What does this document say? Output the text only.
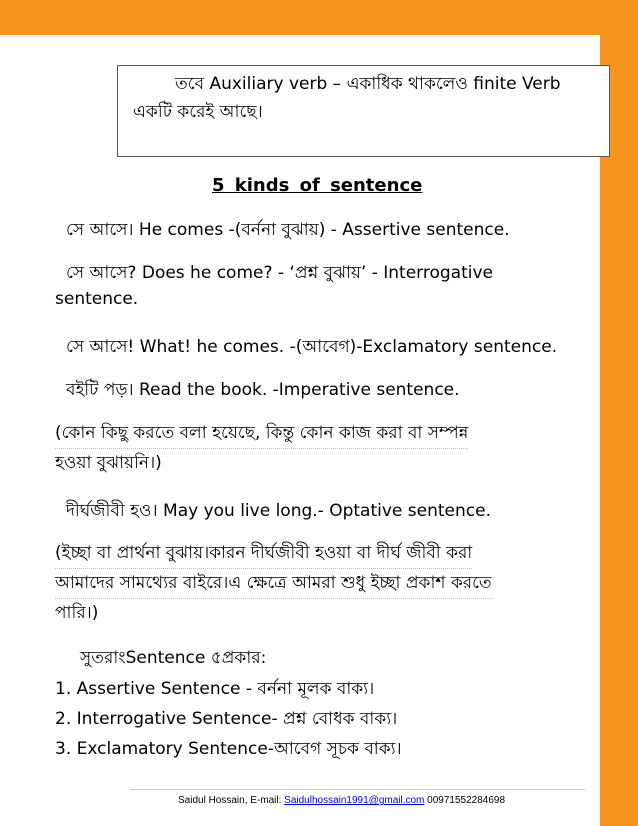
তবে Auxiliary verb – একাধিক থাকলেও finite Verb
একটি করেই আছে।
5 kinds of sentence
সে আসে। He comes -(বর্ননা বুঝায়) - Assertive sentence.
সে আসে? Does he come? - ‘প্রশ্ন বুঝায়’ - Interrogative
sentence.
সে আসে! What! he comes. -(আবেগ)-Exclamatory sentence.
বইটি পড়। Read the book. -Imperative sentence.
(কোন কিছু করতে বলা হয়েছে, কিন্তু কোন কাজ করা বা সম্পন্ন
হওয়া বুঝায়নি।)
দীর্ঘজীবী হও। May you live long.- Optative sentence.
(ইচ্ছা বা প্রার্থনা বুঝায়।কারন দীর্ঘজীবী হওয়া বা দীর্ঘ জীবী করা
আমাদের সামথ্যের বাইরে।এ ক্ষেত্রে আমরা শুধু ইচ্ছা প্রকাশ করতে
পারি।)
সুতরাংSentence ৫প্রকার:
1. Assertive Sentence - বর্ননা মূলক বাক্য।
2. Interrogative Sentence- প্রশ্ন বোধক বাক্য।
3. Exclamatory Sentence-আবেগ সূচক বাক্য।
Saidul Hossain, E-mail: Saidulhossain1991@gmail.com 00971552284698
